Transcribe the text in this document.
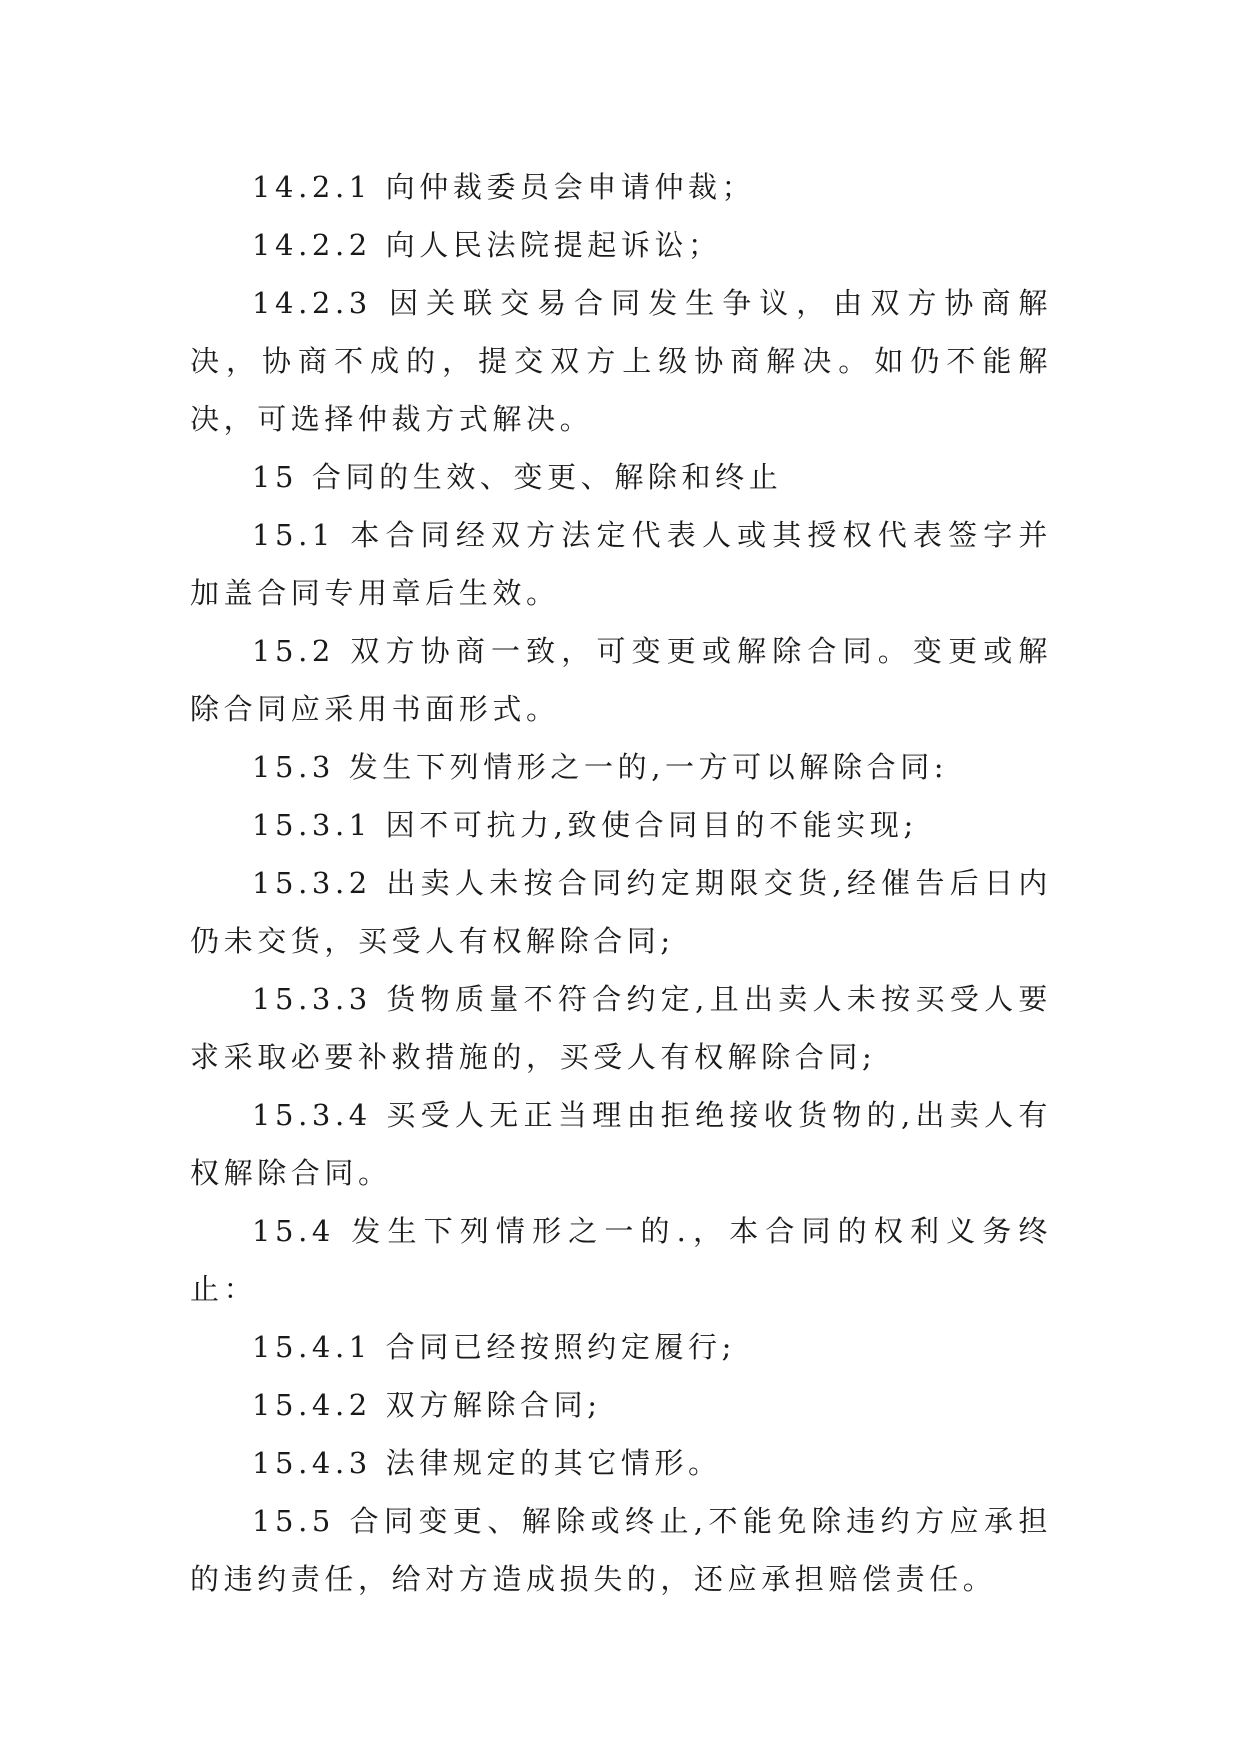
14.2.1 向仲裁委员会申请仲裁；

14.2.2 向人民法院提起诉讼；

14.2.3 因关联交易合同发生争议，由双方协商解决，协商不成的，提交双方上级协商解决。如仍不能解决，可选择仲裁方式解决。

15 合同的生效、变更、解除和终止

15.1 本合同经双方法定代表人或其授权代表签字并加盖合同专用章后生效。

15.2 双方协商一致，可变更或解除合同。变更或解除合同应采用书面形式。

15.3 发生下列情形之一的,一方可以解除合同:

15.3.1 因不可抗力,致使合同目的不能实现;

15.3.2 出卖人未按合同约定期限交货,经催告后日内仍未交货，买受人有权解除合同;

15.3.3 货物质量不符合约定,且出卖人未按买受人要求采取必要补救措施的，买受人有权解除合同;

15.3.4 买受人无正当理由拒绝接收货物的,出卖人有权解除合同。

15.4 发生下列情形之一的.，本合同的权利义务终止：

15.4.1 合同已经按照约定履行;

15.4.2 双方解除合同;

15.4.3 法律规定的其它情形。

15.5 合同变更、解除或终止,不能免除违约方应承担的违约责任，给对方造成损失的，还应承担赔偿责任。
